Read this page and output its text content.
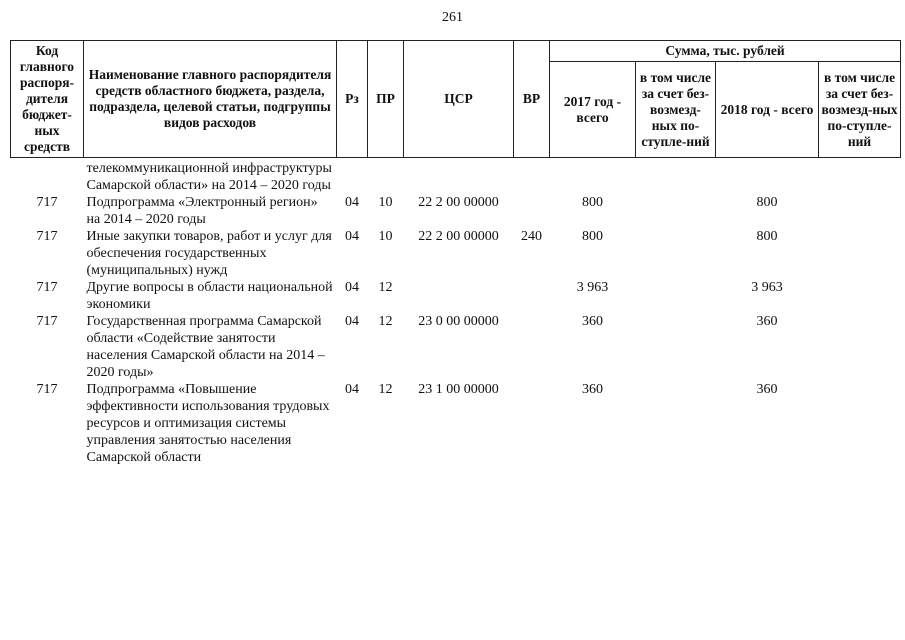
261
Код главного распоря-дителя бюджет-ных средств	Наименование главного распорядителя средств областного бюджета, раздела, подраздела, целевой статьи, подгруппы видов расходов	Рз	ПР	ЦСР	ВР	Сумма, тыс. рублей			
						2017 год - всего	в том числе за счет без-возмезд-ных по-ступле-ний	2018 год - всего	в том числе за счет без-возмезд-ных по-ступле-ний
	телекоммуникационной инфраструктуры Самарской области» на 2014 – 2020 годы								
717	Подпрограмма «Электронный регион» на 2014 – 2020 годы	04	10	22 2 00 00000		800		800	
717	Иные закупки товаров, работ и услуг для обеспечения государственных (муниципальных) нужд	04	10	22 2 00 00000	240	800		800	
717	Другие вопросы в области национальной экономики	04	12			3 963		3 963	
717	Государственная программа Самарской области «Содействие занятости населения Самарской области на 2014 – 2020 годы»	04	12	23 0 00 00000		360		360	
717	Подпрограмма «Повышение эффективности использования трудовых ресурсов и оптимизация системы управления занятостью населения Самарской области	04	12	23 1 00 00000		360		360	
